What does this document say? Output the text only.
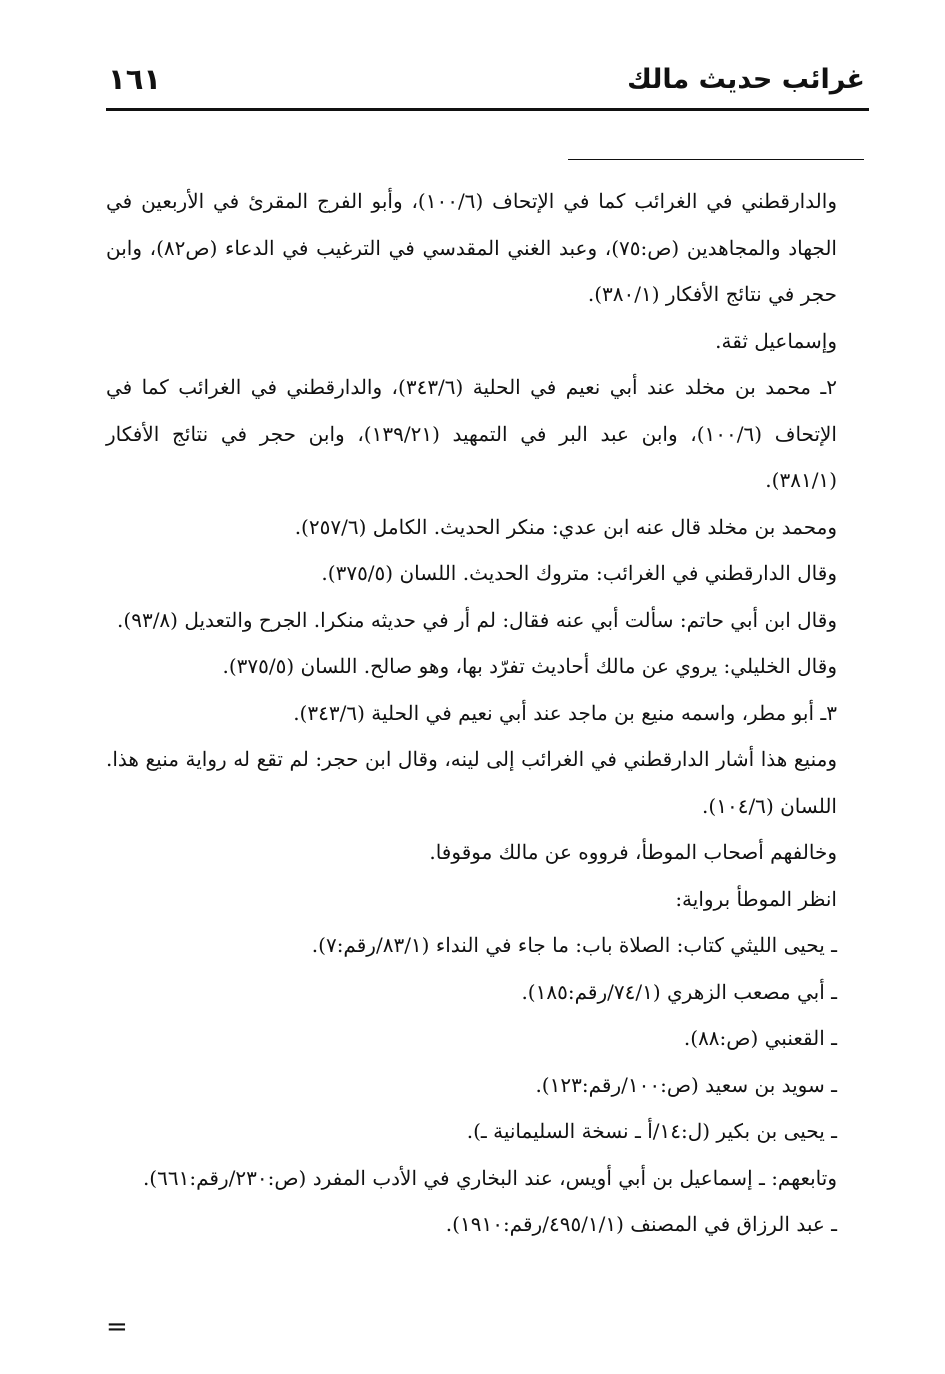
غرائب حديث مالك
١٦١

والدارقطني في الغرائب كما في الإتحاف (١٠٠/٦)، وأبو الفرج المقرئ في الأربعين في الجهاد والمجاهدين (ص:٧٥)، وعبد الغني المقدسي في الترغيب في الدعاء (ص٨٢)، وابن حجر في نتائج الأفكار (٣٨٠/١).

وإسماعيل ثقة.

٢ـ محمد بن مخلد عند أبي نعيم في الحلية (٣٤٣/٦)، والدارقطني في الغرائب كما في الإتحاف (١٠٠/٦)، وابن عبد البر في التمهيد (١٣٩/٢١)، وابن حجر في نتائج الأفكار (٣٨١/١).

ومحمد بن مخلد قال عنه ابن عدي: منكر الحديث. الكامل (٢٥٧/٦).

وقال الدارقطني في الغرائب: متروك الحديث. اللسان (٣٧٥/٥).

وقال ابن أبي حاتم: سألت أبي عنه فقال: لم أر في حديثه منكرا. الجرح والتعديل (٩٣/٨).

وقال الخليلي: يروي عن مالك أحاديث تفرّد بها، وهو صالح. اللسان (٣٧٥/٥).

٣ـ أبو مطر، واسمه منيع بن ماجد عند أبي نعيم في الحلية (٣٤٣/٦).

ومنيع هذا أشار الدارقطني في الغرائب إلى لينه، وقال ابن حجر: لم تقع له رواية منيع هذا. اللسان (١٠٤/٦).

وخالفهم أصحاب الموطأ، فرووه عن مالك موقوفا.

انظر الموطأ برواية:

ـ يحيى الليثي كتاب: الصلاة باب: ما جاء في النداء (٨٣/١/رقم:٧).

ـ أبي مصعب الزهري (٧٤/١/رقم:١٨٥).

ـ القعنبي (ص:٨٨).

ـ سويد بن سعيد (ص:١٠٠/رقم:١٢٣).

ـ يحيى بن بكير (ل:١٤/أ ـ نسخة السليمانية ـ).

وتابعهم: ـ إسماعيل بن أبي أويس، عند البخاري في الأدب المفرد (ص:٢٣٠/رقم:٦٦١).

ـ عبد الرزاق في المصنف (٤٩٥/١/١/رقم:١٩١٠).

=
